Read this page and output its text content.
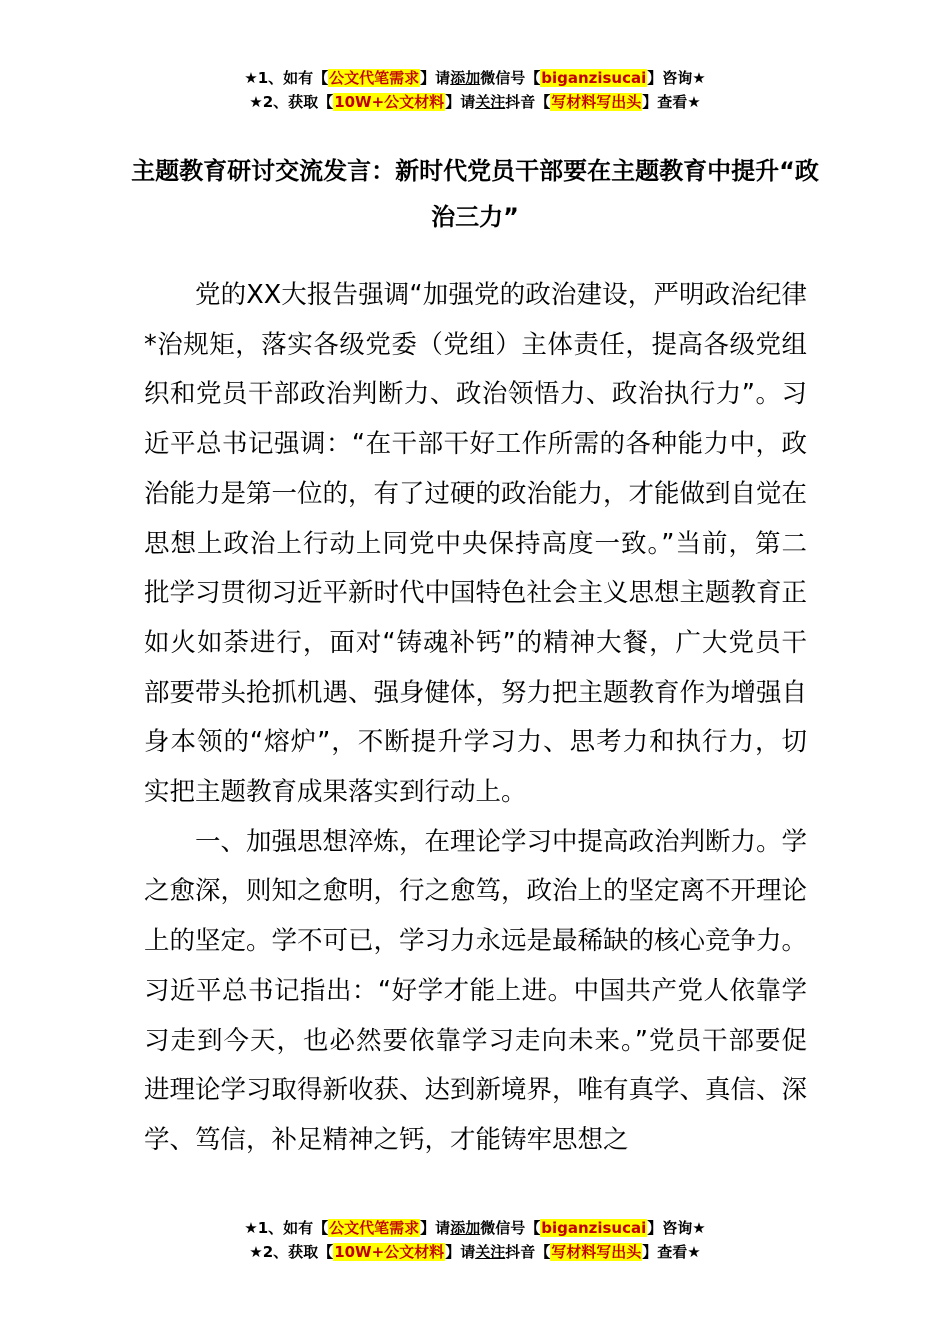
★1、如有【公文代笔需求】请添加微信号【biganzisucai】咨询★
★2、获取【10W+公文材料】请关注抖音【写材料写出头】查看★
主题教育研讨交流发言：新时代党员干部要在主题教育中提升“政治三力”

党的XX大报告强调“加强党的政治建设，严明政治纪律*治规矩，落实各级党委（党组）主体责任，提高各级党组织和党员干部政治判断力、政治领悟力、政治执行力”。习近平总书记强调：“在干部干好工作所需的各种能力中，政治能力是第一位的，有了过硬的政治能力，才能做到自觉在思想上政治上行动上同党中央保持高度一致。”当前，第二批学习贯彻习近平新时代中国特色社会主义思想主题教育正如火如荼进行，面对“铸魂补钙”的精神大餐，广大党员干部要带头抢抓机遇、强身健体，努力把主题教育作为增强自身本领的“熔炉”，不断提升学习力、思考力和执行力，切实把主题教育成果落实到行动上。

一、加强思想淬炼，在理论学习中提高政治判断力。学之愈深，则知之愈明，行之愈笃，政治上的坚定离不开理论上的坚定。学不可已，学习力永远是最稀缺的核心竞争力。习近平总书记指出：“好学才能上进。中国共产党人依靠学习走到今天，也必然要依靠学习走向未来。”党员干部要促进理论学习取得新收获、达到新境界，唯有真学、真信、深学、笃信，补足精神之钙，才能铸牢思想之

★1、如有【公文代笔需求】请添加微信号【biganzisucai】咨询★
★2、获取【10W+公文材料】请关注抖音【写材料写出头】查看★
